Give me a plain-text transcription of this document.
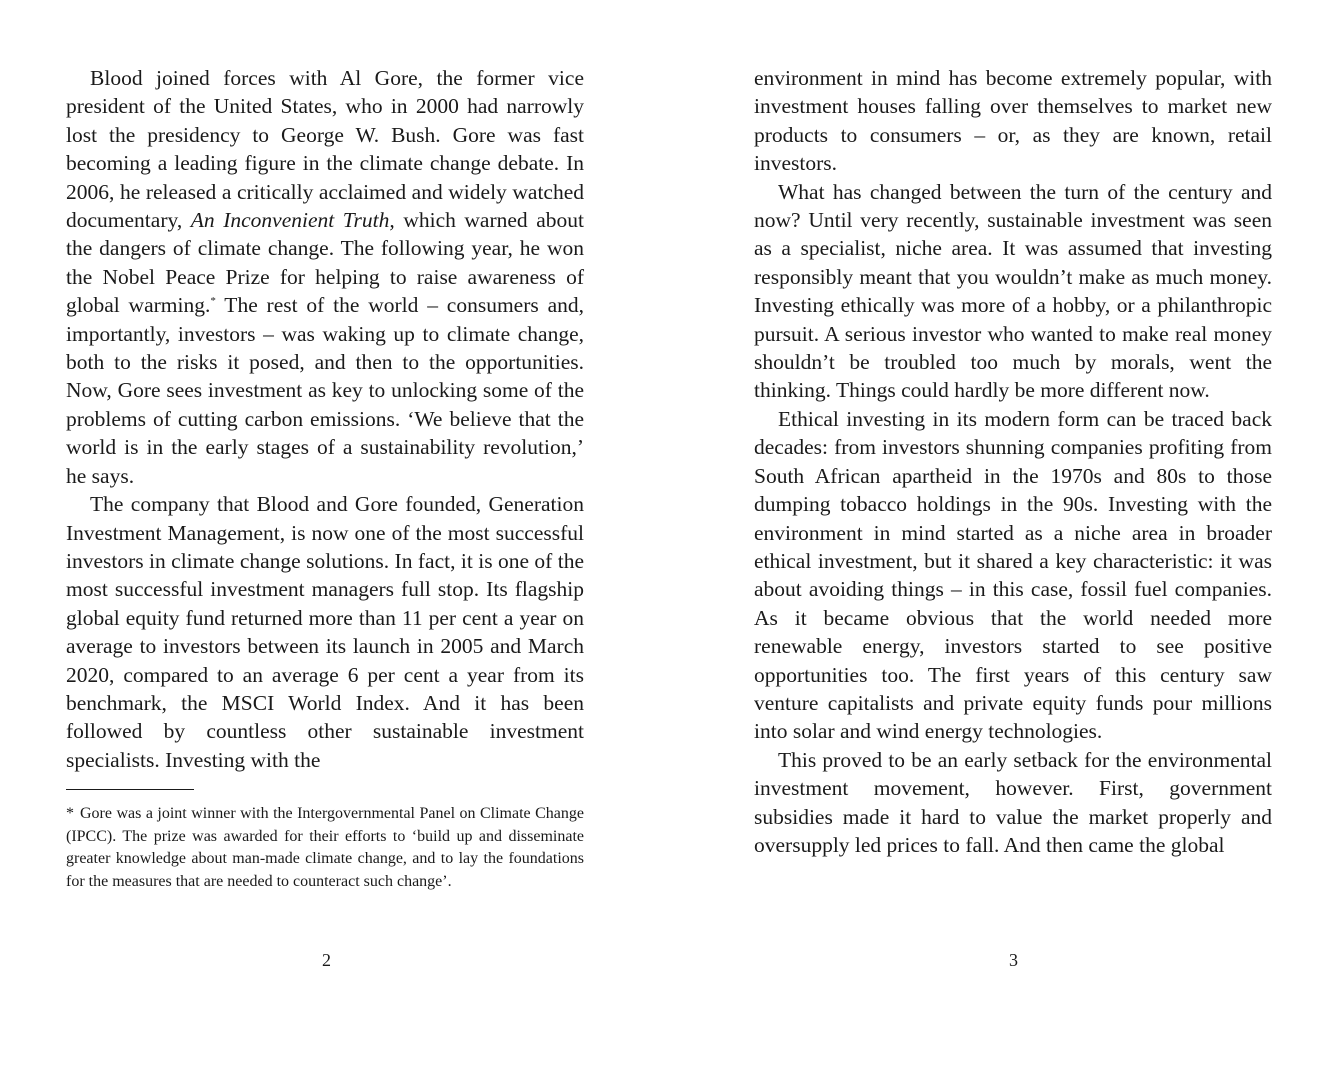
Blood joined forces with Al Gore, the former vice president of the United States, who in 2000 had narrowly lost the presidency to George W. Bush. Gore was fast becoming a leading figure in the climate change debate. In 2006, he released a critically acclaimed and widely watched documentary, An Inconvenient Truth, which warned about the dangers of climate change. The following year, he won the Nobel Peace Prize for helping to raise awareness of global warming.* The rest of the world – consumers and, importantly, investors – was waking up to climate change, both to the risks it posed, and then to the opportunities. Now, Gore sees investment as key to unlocking some of the problems of cutting carbon emissions. ‘We believe that the world is in the early stages of a sustainability revolution,’ he says.

The company that Blood and Gore founded, Generation Investment Management, is now one of the most successful investors in climate change solutions. In fact, it is one of the most successful investment managers full stop. Its flagship global equity fund returned more than 11 per cent a year on average to investors between its launch in 2005 and March 2020, compared to an average 6 per cent a year from its benchmark, the MSCI World Index. And it has been followed by countless other sustainable investment specialists. Investing with the

* Gore was a joint winner with the Intergovernmental Panel on Climate Change (IPCC). The prize was awarded for their efforts to ‘build up and disseminate greater knowledge about man-made climate change, and to lay the foundations for the measures that are needed to counteract such change’.

2

environment in mind has become extremely popular, with investment houses falling over themselves to market new products to consumers – or, as they are known, retail investors.

What has changed between the turn of the century and now? Until very recently, sustainable investment was seen as a specialist, niche area. It was assumed that investing responsibly meant that you wouldn’t make as much money. Investing ethically was more of a hobby, or a philanthropic pursuit. A serious investor who wanted to make real money shouldn’t be troubled too much by morals, went the thinking. Things could hardly be more different now.

Ethical investing in its modern form can be traced back decades: from investors shunning companies profiting from South African apartheid in the 1970s and 80s to those dumping tobacco holdings in the 90s. Investing with the environment in mind started as a niche area in broader ethical investment, but it shared a key characteristic: it was about avoiding things – in this case, fossil fuel companies. As it became obvious that the world needed more renewable energy, investors started to see positive opportunities too. The first years of this century saw venture capitalists and private equity funds pour millions into solar and wind energy technologies.

This proved to be an early setback for the environmental investment movement, however. First, government subsidies made it hard to value the market properly and oversupply led prices to fall. And then came the global

3
